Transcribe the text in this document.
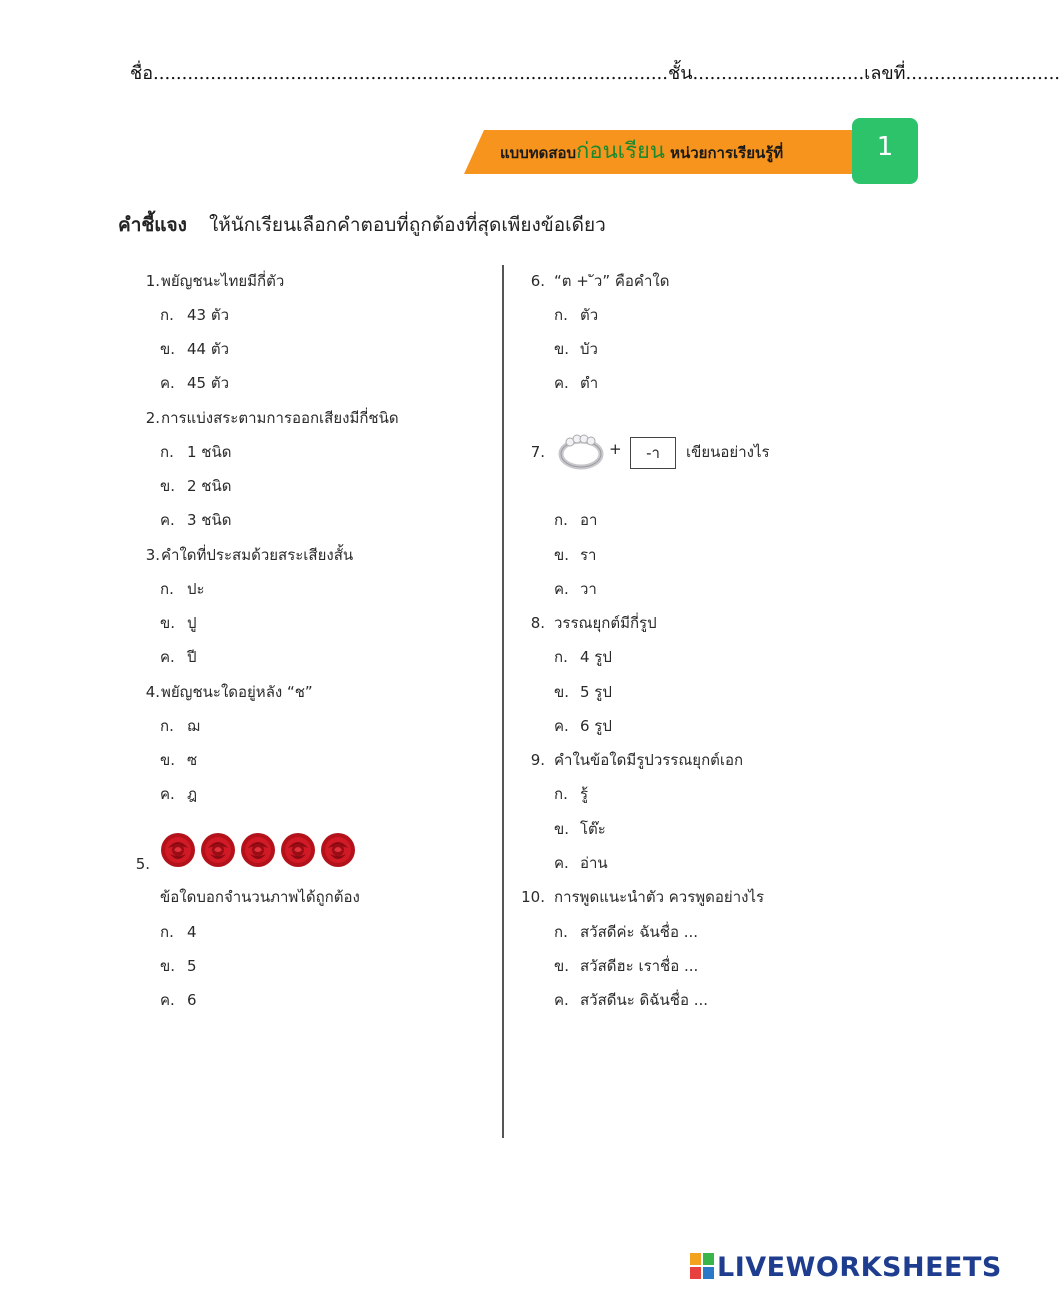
ชื่อ..........................................................................................ชั้น..............................เลขที่...........................
แบบทดสอบก่อนเรียน หน่วยการเรียนรู้ที่	1
คำชี้แจง ให้นักเรียนเลือกคำตอบที่ถูกต้องที่สุดเพียงข้อเดียว
1. พยัญชนะไทยมีกี่ตัว
ก. 43 ตัว
ข. 44 ตัว
ค. 45 ตัว
2. การแบ่งสระตามการออกเสียงมีกี่ชนิด
ก. 1 ชนิด
ข. 2 ชนิด
ค. 3 ชนิด
3. คำใดที่ประสมด้วยสระเสียงสั้น
ก. ปะ
ข. ปู
ค. ปี
4. พยัญชนะใดอยู่หลัง “ช”
ก. ฌ
ข. ซ
ค. ฎ
5.
ข้อใดบอกจำนวนภาพได้ถูกต้อง
ก. 4
ข. 5
ค. 6
6. “ต + ั​ว” คือคำใด
ก. ตัว
ข. บัว
ค. ตำ
7.	+	-า	เขียนอย่างไร
ก. อา
ข. รา
ค. วา
8. วรรณยุกต์มีกี่รูป
ก. 4 รูป
ข. 5 รูป
ค. 6 รูป
9. คำในข้อใดมีรูปวรรณยุกต์เอก
ก. รู้
ข. โต๊ะ
ค. อ่าน
10. การพูดแนะนำตัว ควรพูดอย่างไร
ก. สวัสดีค่ะ ฉันชื่อ ...
ข. สวัสดีฮะ เราชื่อ ...
ค. สวัสดีนะ ดิฉันชื่อ ...
LIVEWORKSHEETS
